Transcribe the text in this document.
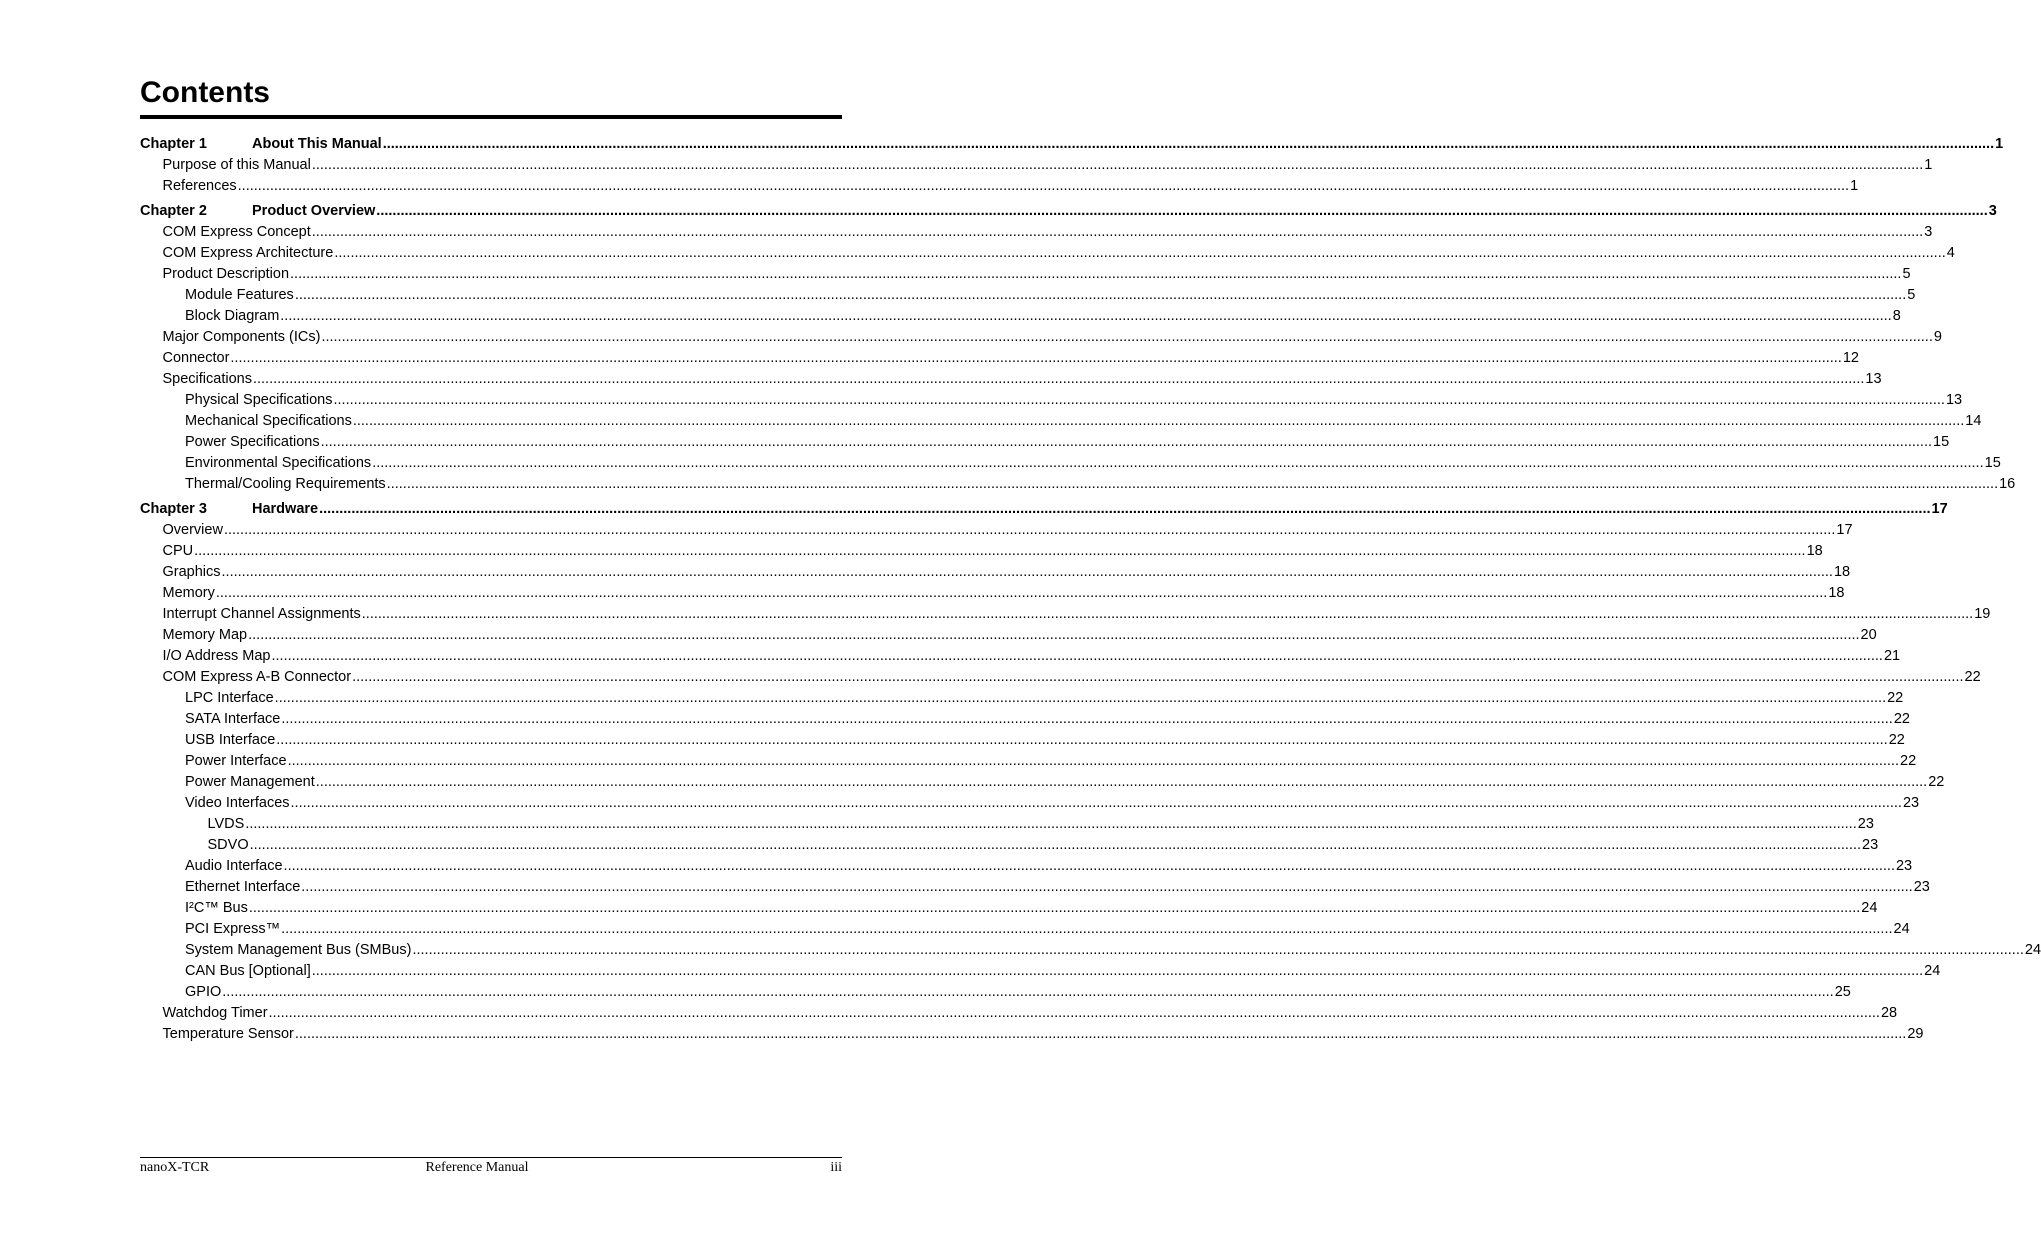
Contents
Chapter 1	About This Manual ................................................................................................................................................................................................................................................................................................................................................................................................................ 1
Purpose of this Manual ................................................................................................................................................................................................................................................................................................................................................................................................................ 1
References ................................................................................................................................................................................................................................................................................................................................................................................................................ 1
Chapter 2	Product Overview ................................................................................................................................................................................................................................................................................................................................................................................................................ 3
COM Express Concept ................................................................................................................................................................................................................................................................................................................................................................................................................ 3
COM Express Architecture ................................................................................................................................................................................................................................................................................................................................................................................................................ 4
Product Description ................................................................................................................................................................................................................................................................................................................................................................................................................ 5
Module Features ................................................................................................................................................................................................................................................................................................................................................................................................................ 5
Block Diagram ................................................................................................................................................................................................................................................................................................................................................................................................................ 8
Major Components (ICs) ................................................................................................................................................................................................................................................................................................................................................................................................................ 9
Connector ................................................................................................................................................................................................................................................................................................................................................................................................................ 12
Specifications ................................................................................................................................................................................................................................................................................................................................................................................................................ 13
Physical Specifications ................................................................................................................................................................................................................................................................................................................................................................................................................ 13
Mechanical Specifications ................................................................................................................................................................................................................................................................................................................................................................................................................ 14
Power Specifications ................................................................................................................................................................................................................................................................................................................................................................................................................ 15
Environmental Specifications ................................................................................................................................................................................................................................................................................................................................................................................................................ 15
Thermal/Cooling Requirements ................................................................................................................................................................................................................................................................................................................................................................................................................ 16
Chapter 3	Hardware ................................................................................................................................................................................................................................................................................................................................................................................................................ 17
Overview ................................................................................................................................................................................................................................................................................................................................................................................................................ 17
CPU ................................................................................................................................................................................................................................................................................................................................................................................................................ 18
Graphics ................................................................................................................................................................................................................................................................................................................................................................................................................ 18
Memory ................................................................................................................................................................................................................................................................................................................................................................................................................ 18
Interrupt Channel Assignments ................................................................................................................................................................................................................................................................................................................................................................................................................ 19
Memory Map ................................................................................................................................................................................................................................................................................................................................................................................................................ 20
I/O Address Map ................................................................................................................................................................................................................................................................................................................................................................................................................ 21
COM Express A-B Connector ................................................................................................................................................................................................................................................................................................................................................................................................................ 22
LPC Interface ................................................................................................................................................................................................................................................................................................................................................................................................................ 22
SATA Interface ................................................................................................................................................................................................................................................................................................................................................................................................................ 22
USB Interface ................................................................................................................................................................................................................................................................................................................................................................................................................ 22
Power Interface ................................................................................................................................................................................................................................................................................................................................................................................................................ 22
Power Management ................................................................................................................................................................................................................................................................................................................................................................................................................ 22
Video Interfaces ................................................................................................................................................................................................................................................................................................................................................................................................................ 23
LVDS ................................................................................................................................................................................................................................................................................................................................................................................................................ 23
SDVO ................................................................................................................................................................................................................................................................................................................................................................................................................ 23
Audio Interface ................................................................................................................................................................................................................................................................................................................................................................................................................ 23
Ethernet Interface ................................................................................................................................................................................................................................................................................................................................................................................................................ 23
I²C™ Bus ................................................................................................................................................................................................................................................................................................................................................................................................................ 24
PCI Express™ ................................................................................................................................................................................................................................................................................................................................................................................................................ 24
System Management Bus (SMBus) ................................................................................................................................................................................................................................................................................................................................................................................................................ 24
CAN Bus [Optional] ................................................................................................................................................................................................................................................................................................................................................................................................................ 24
GPIO ................................................................................................................................................................................................................................................................................................................................................................................................................ 25
Watchdog Timer ................................................................................................................................................................................................................................................................................................................................................................................................................ 28
Temperature Sensor ................................................................................................................................................................................................................................................................................................................................................................................................................ 29
nanoX-TCR	Reference Manual	iii
